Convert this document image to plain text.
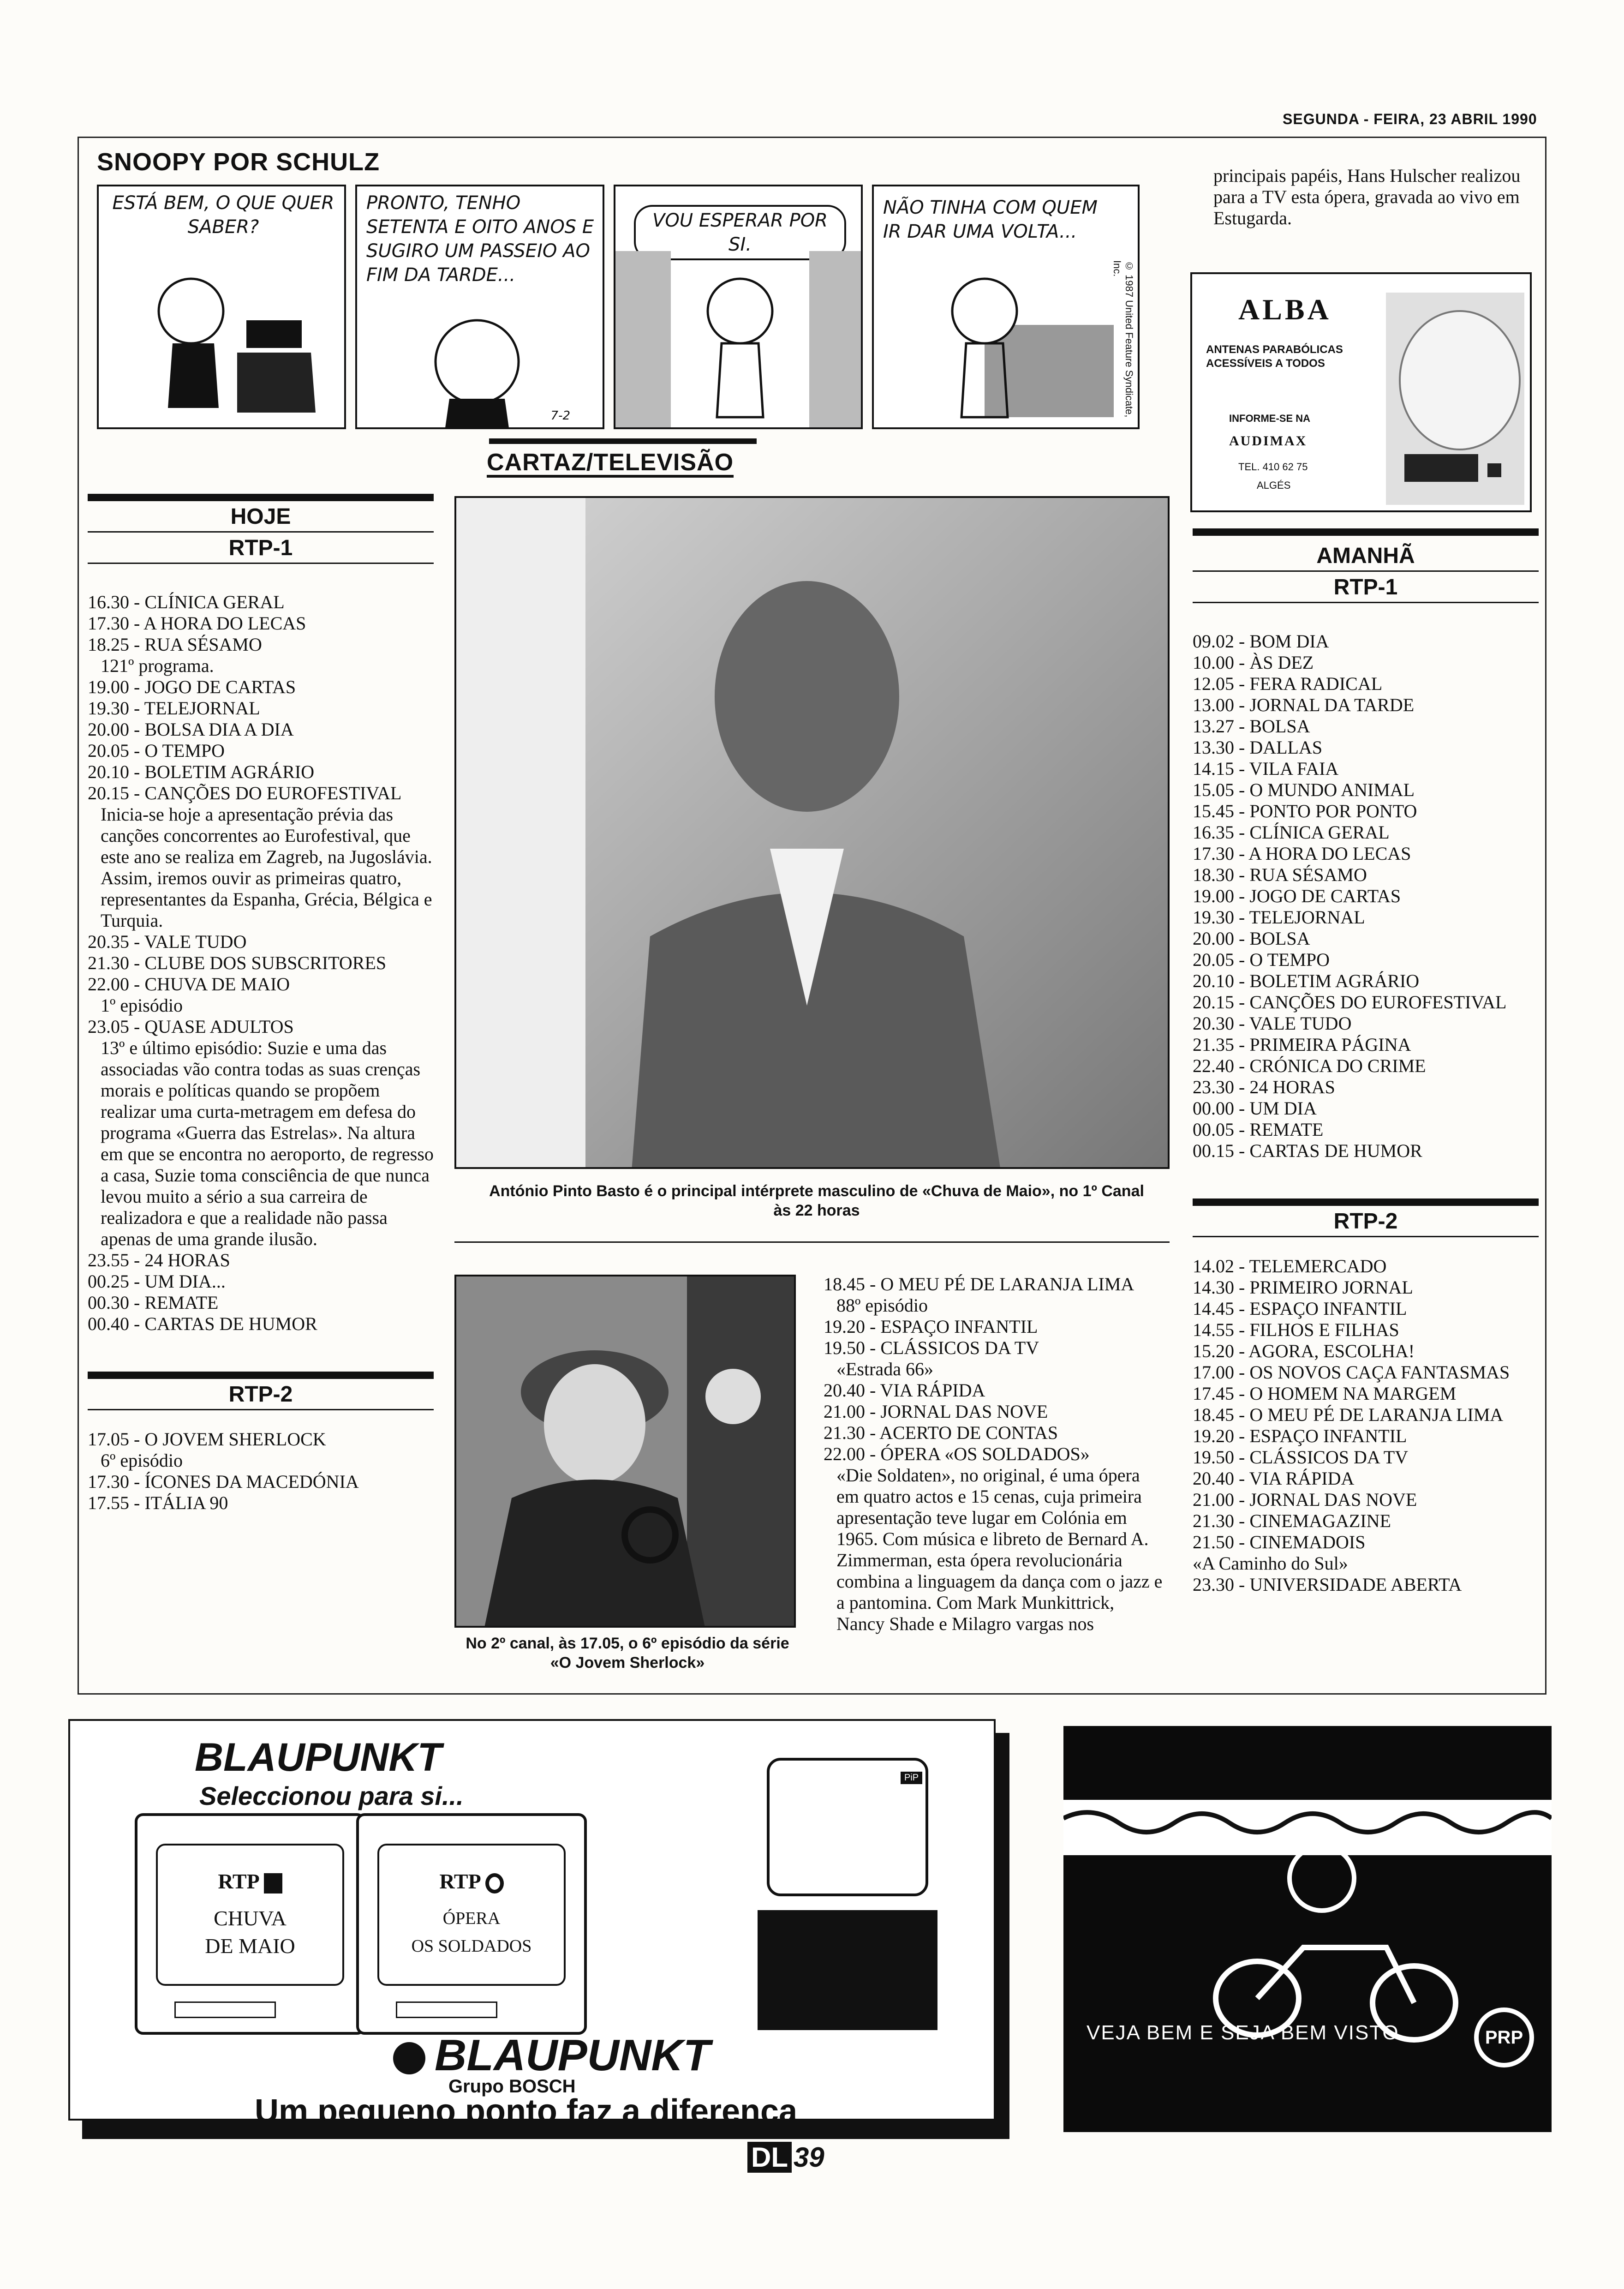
SEGUNDA - FEIRA, 23 ABRIL 1990
SNOOPY POR SCHULZ
ESTÁ BEM, O QUE QUER SABER?
PRONTO, TENHO SETENTA E OITO ANOS E SUGIRO UM PASSEIO AO FIM DA TARDE...
7-2
VOU ESPERAR POR SI.
NÃO TINHA COM QUEM IR DAR UMA VOLTA...
© 1987 United Feature Syndicate, Inc.
CARTAZ/TELEVISÃO
principais papéis, Hans Hulscher realizou para a TV esta ópera, gravada ao vivo em Estugarda.
ALBA
ANTENAS PARABÓLICAS
ACESSÍVEIS A TODOS
INFORME-SE NA
AUDIMAX
TEL. 410 62 75
ALGÉS
HOJE
RTP-1
16.30 - CLÍNICA GERAL
17.30 - A HORA DO LECAS
18.25 - RUA SÉSAMO
121º programa.
19.00 - JOGO DE CARTAS
19.30 - TELEJORNAL
20.00 - BOLSA DIA A DIA
20.05 - O TEMPO
20.10 - BOLETIM AGRÁRIO
20.15 - CANÇÕES DO EUROFESTIVAL
Inicia-se hoje a apresentação prévia das canções concorrentes ao Eurofestival, que este ano se realiza em Zagreb, na Jugoslávia. Assim, iremos ouvir as primeiras quatro, representantes da Espanha, Grécia, Bélgica e Turquia.
20.35 - VALE TUDO
21.30 - CLUBE DOS SUBSCRITORES
22.00 - CHUVA DE MAIO
1º episódio
23.05 - QUASE ADULTOS
13º e último episódio: Suzie e uma das associadas vão contra todas as suas crenças morais e políticas quando se propõem realizar uma curta-metragem em defesa do programa «Guerra das Estrelas». Na altura em que se encontra no aeroporto, de regresso a casa, Suzie toma consciência de que nunca levou muito a sério a sua carreira de realizadora e que a realidade não passa apenas de uma grande ilusão.
23.55 - 24 HORAS
00.25 - UM DIA...
00.30 - REMATE
00.40 - CARTAS DE HUMOR
RTP-2
17.05 - O JOVEM SHERLOCK
6º episódio
17.30 - ÍCONES DA MACEDÓNIA
17.55 - ITÁLIA 90
António Pinto Basto é o principal intérprete masculino de «Chuva de Maio», no 1º Canal às 22 horas
No 2º canal, às 17.05, o 6º episódio da série «O Jovem Sherlock»
18.45 - O MEU PÉ DE LARANJA LIMA
88º episódio
19.20 - ESPAÇO INFANTIL
19.50 - CLÁSSICOS DA TV
«Estrada 66»
20.40 - VIA RÁPIDA
21.00 - JORNAL DAS NOVE
21.30 - ACERTO DE CONTAS
22.00 - ÓPERA «OS SOLDADOS»
«Die Soldaten», no original, é uma ópera em quatro actos e 15 cenas, cuja primeira apresentação teve lugar em Colónia em 1965. Com música e libreto de Bernard A. Zimmerman, esta ópera revolucionária combina a linguagem da dança com o jazz e a pantomina. Com Mark Munkittrick, Nancy Shade e Milagro vargas nos
AMANHÃ
RTP-1
09.02 - BOM DIA
10.00 - ÀS DEZ
12.05 - FERA RADICAL
13.00 - JORNAL DA TARDE
13.27 - BOLSA
13.30 - DALLAS
14.15 - VILA FAIA
15.05 - O MUNDO ANIMAL
15.45 - PONTO POR PONTO
16.35 - CLÍNICA GERAL
17.30 - A HORA DO LECAS
18.30 - RUA SÉSAMO
19.00 - JOGO DE CARTAS
19.30 - TELEJORNAL
20.00 - BOLSA
20.05 - O TEMPO
20.10 - BOLETIM AGRÁRIO
20.15 - CANÇÕES DO EUROFESTIVAL
20.30 - VALE TUDO
21.35 - PRIMEIRA PÁGINA
22.40 - CRÓNICA DO CRIME
23.30 - 24 HORAS
00.00 - UM DIA
00.05 - REMATE
00.15 - CARTAS DE HUMOR
RTP-2
14.02 - TELEMERCADO
14.30 - PRIMEIRO JORNAL
14.45 - ESPAÇO INFANTIL
14.55 - FILHOS E FILHAS
15.20 - AGORA, ESCOLHA!
17.00 - OS NOVOS CAÇA FANTASMAS
17.45 - O HOMEM NA MARGEM
18.45 - O MEU PÉ DE LARANJA LIMA
19.20 - ESPAÇO INFANTIL
19.50 - CLÁSSICOS DA TV
20.40 - VIA RÁPIDA
21.00 - JORNAL DAS NOVE
21.30 - CINEMAGAZINE
21.50 - CINEMADOIS
«A Caminho do Sul»
23.30 - UNIVERSIDADE ABERTA
BLAUPUNKT
Seleccionou para si...
RTP
CHUVA
DE MAIO
RTP
ÓPERA
OS SOLDADOS
PiP
BLAUPUNKT
Grupo BOSCH
Um pequeno ponto faz a diferença
VEJA BEM E SEJA BEM VISTO	PRP
DL 39
